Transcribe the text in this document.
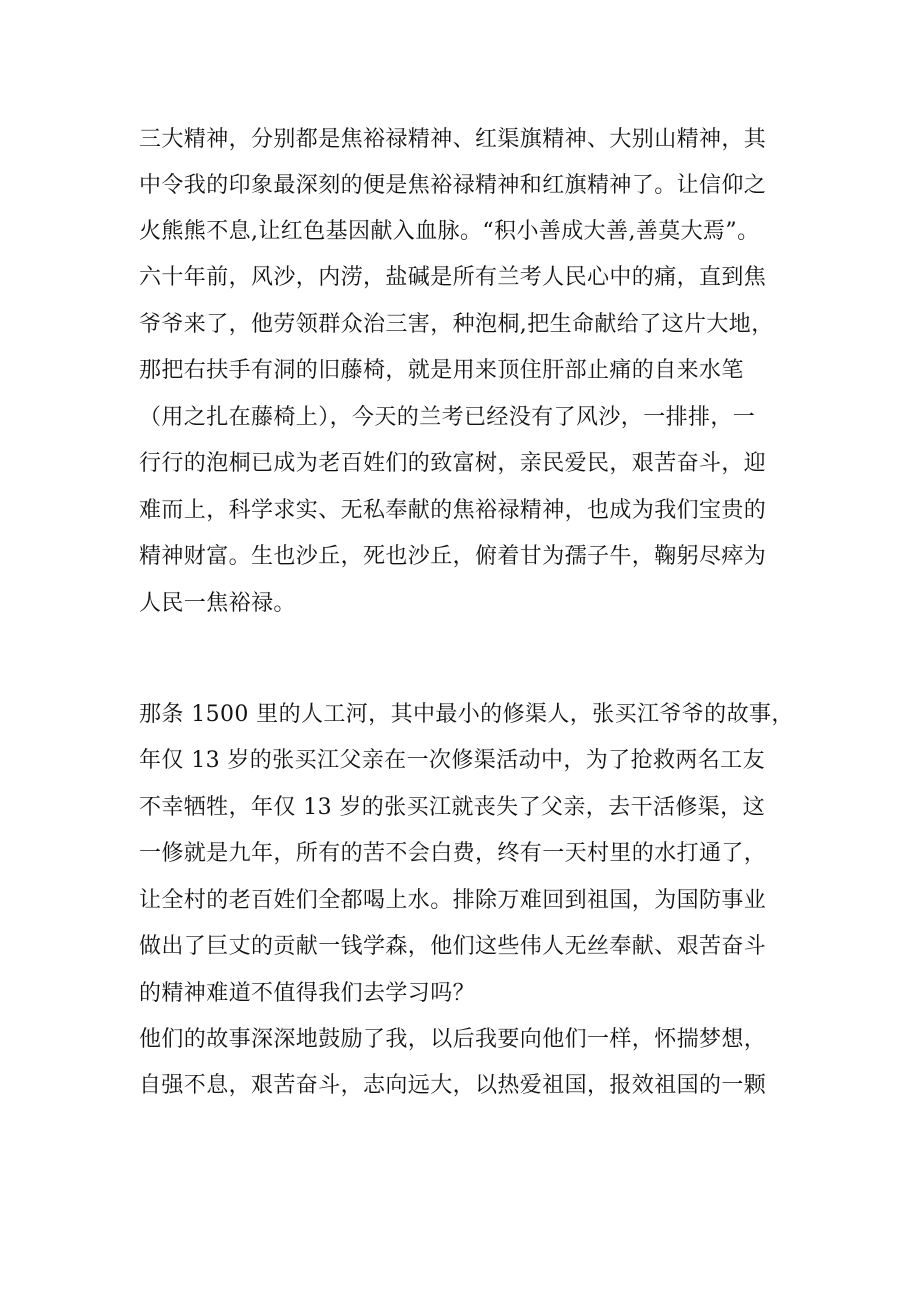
三大精神，分别都是焦裕禄精神、红渠旗精神、大别山精神，其
中令我的印象最深刻的便是焦裕禄精神和红旗精神了。让信仰之
火熊熊不息,让红色基因献入血脉。“积小善成大善,善莫大焉”。
六十年前，风沙，内涝，盐碱是所有兰考人民心中的痛，直到焦
爷爷来了，他劳领群众治三害，种泡桐,把生命献给了这片大地，
那把右扶手有洞的旧藤椅，就是用来顶住肝部止痛的自来水笔
（用之扎在藤椅上），今天的兰考已经没有了风沙，一排排，一
行行的泡桐已成为老百姓们的致富树，亲民爱民，艰苦奋斗，迎
难而上，科学求实、无私奉献的焦裕禄精神，也成为我们宝贵的
精神财富。生也沙丘，死也沙丘，俯着甘为孺子牛，鞠躬尽瘁为
人民一焦裕禄。
那条 1500 里的人工河，其中最小的修渠人，张买江爷爷的故事，
年仅 13 岁的张买江父亲在一次修渠活动中，为了抢救两名工友
不幸牺牲，年仅 13 岁的张买江就丧失了父亲，去干活修渠，这
一修就是九年，所有的苦不会白费，终有一天村里的水打通了，
让全村的老百姓们全都喝上水。排除万难回到祖国，为国防事业
做出了巨丈的贡献一钱学森，他们这些伟人无丝奉献、艰苦奋斗
的精神难道不值得我们去学习吗？
他们的故事深深地鼓励了我，以后我要向他们一样，怀揣梦想，
自强不息，艰苦奋斗，志向远大，以热爱祖国，报效祖国的一颗
